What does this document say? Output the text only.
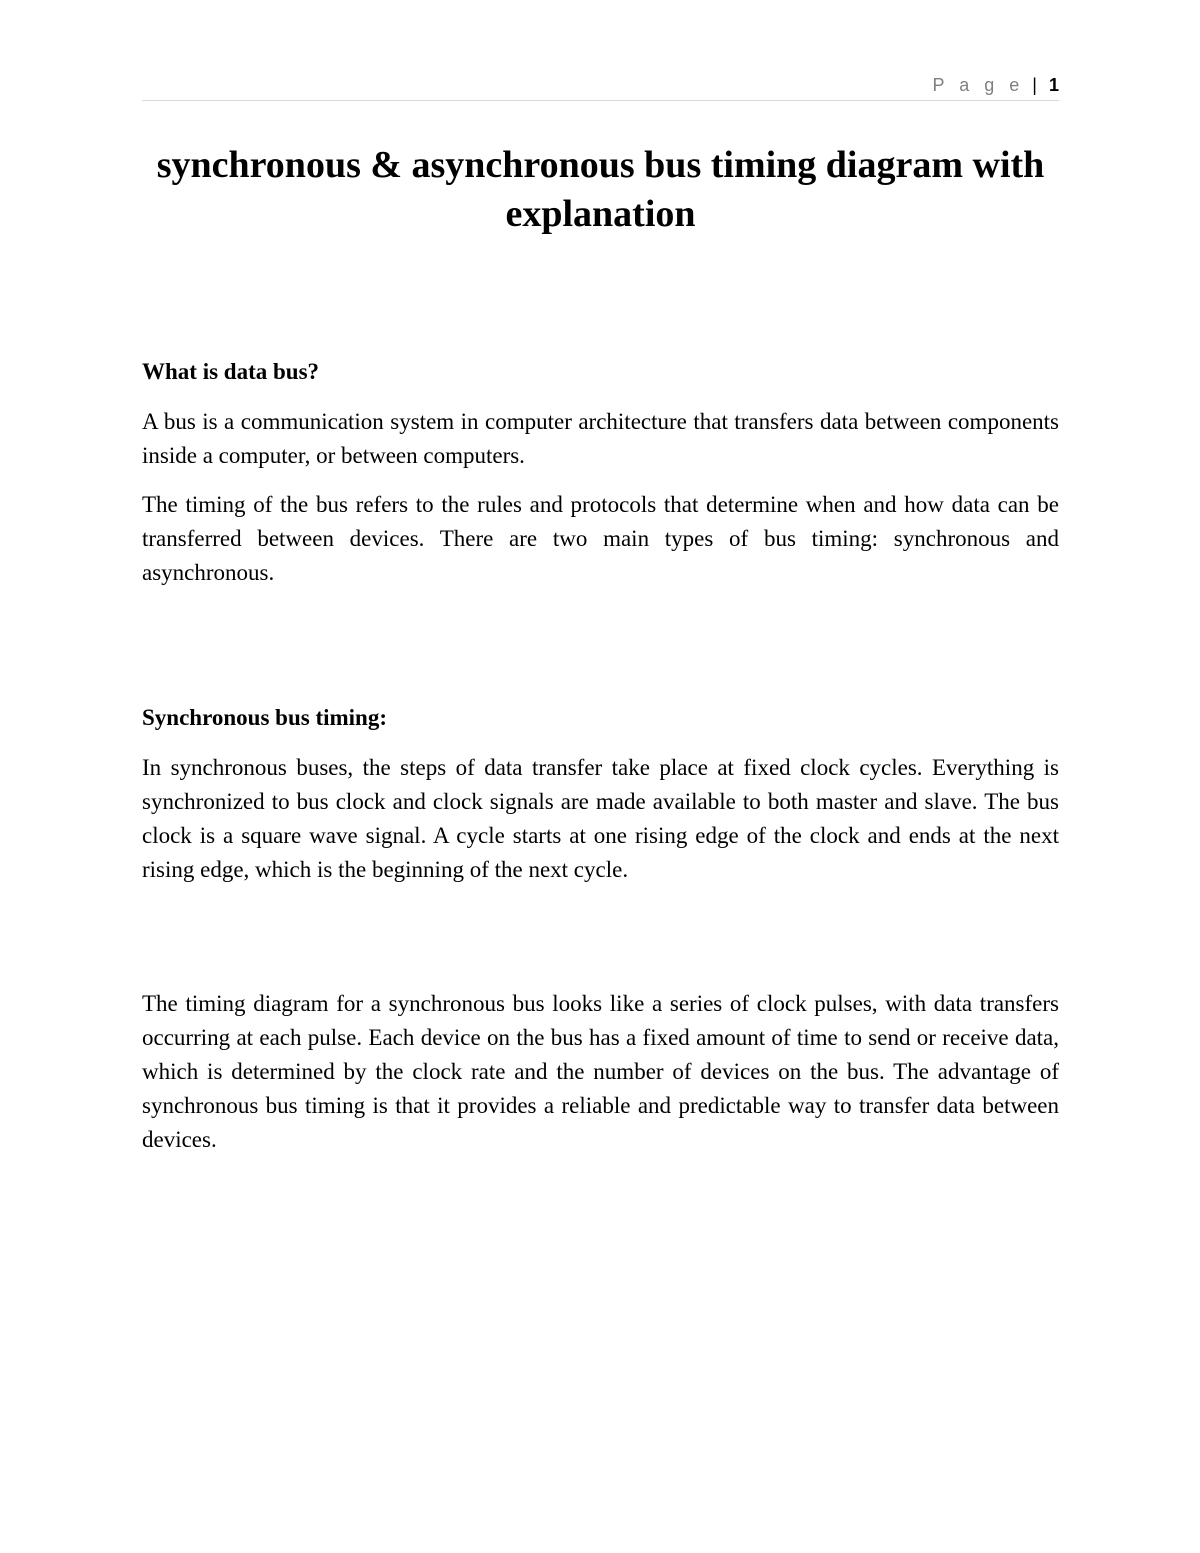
P a g e | 1
synchronous & asynchronous bus timing diagram with explanation
What is data bus?

A bus is a communication system in computer architecture that transfers data between components inside a computer, or between computers.

The timing of the bus refers to the rules and protocols that determine when and how data can be transferred between devices. There are two main types of bus timing: synchronous and asynchronous.

Synchronous bus timing:

In synchronous buses, the steps of data transfer take place at fixed clock cycles. Everything is synchronized to bus clock and clock signals are made available to both master and slave. The bus clock is a square wave signal. A cycle starts at one rising edge of the clock and ends at the next rising edge, which is the beginning of the next cycle.

The timing diagram for a synchronous bus looks like a series of clock pulses, with data transfers occurring at each pulse. Each device on the bus has a fixed amount of time to send or receive data, which is determined by the clock rate and the number of devices on the bus. The advantage of synchronous bus timing is that it provides a reliable and predictable way to transfer data between devices.
